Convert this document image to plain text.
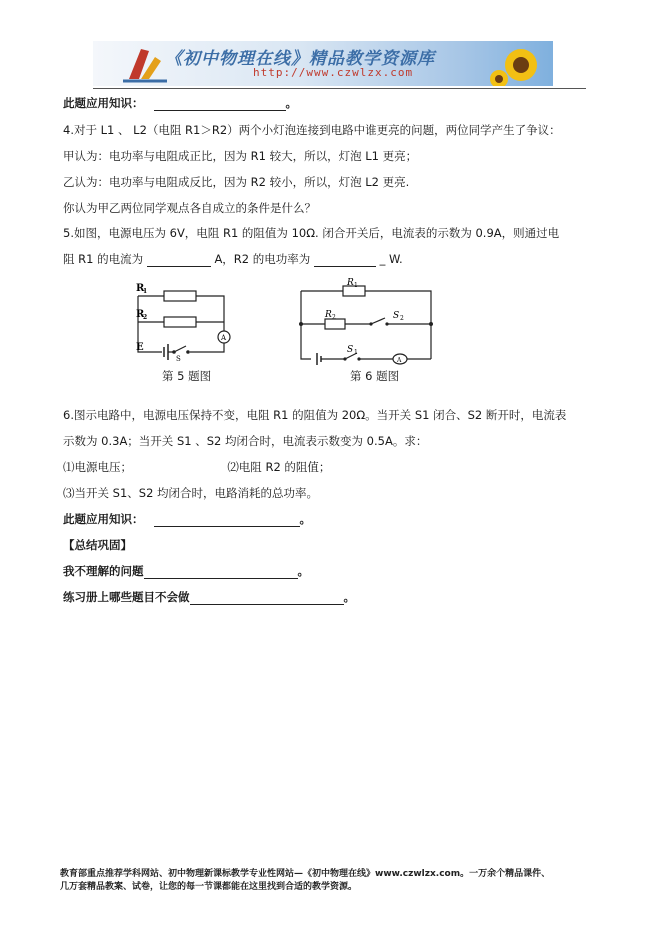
《初中物理在线》精品教学资源库
http://www.czwlzx.com
此题应用知识：	。
4.对于 L1 、 L2（电阻 R1＞R2）两个小灯泡连接到电路中谁更亮的问题，两位同学产生了争议：
甲认为：电功率与电阻成正比，因为 R1 较大，所以，灯泡 L1 更亮；
乙认为：电功率与电阻成反比，因为 R2 较小，所以，灯泡 L2 更亮.
你认为甲乙两位同学观点各自成立的条件是什么？
5.如图，电源电压为 6V，电阻 R1 的阻值为 10Ω. 闭合开关后，电流表的示数为 0.9A，则通过电
阻 R1 的电流为	A，R2 的电功率为	_ W.
R
1
R
2
A
E
S
第 5 题图
R 1
R 2	S 2
S 1
A
第 6 题图
6.图示电路中，电源电压保持不变，电阻 R1 的阻值为 20Ω。当开关 S1 闭合、S2 断开时，电流表
示数为 0.3A；当开关 S1 、S2 均闭合时，电流表示数变为 0.5A。求：
⑴电源电压；	⑵电阻 R2 的阻值；
⑶当开关 S1、S2 均闭合时，电路消耗的总功率。
此题应用知识：	。
【总结巩固】
我不理解的问题	。
练习册上哪些题目不会做	。
教育部重点推荐学科网站、初中物理新课标教学专业性网站—《初中物理在线》www.czwlzx.com。一万余个精品课件、
几万套精品教案、试卷，让您的每一节课都能在这里找到合适的教学资源。
